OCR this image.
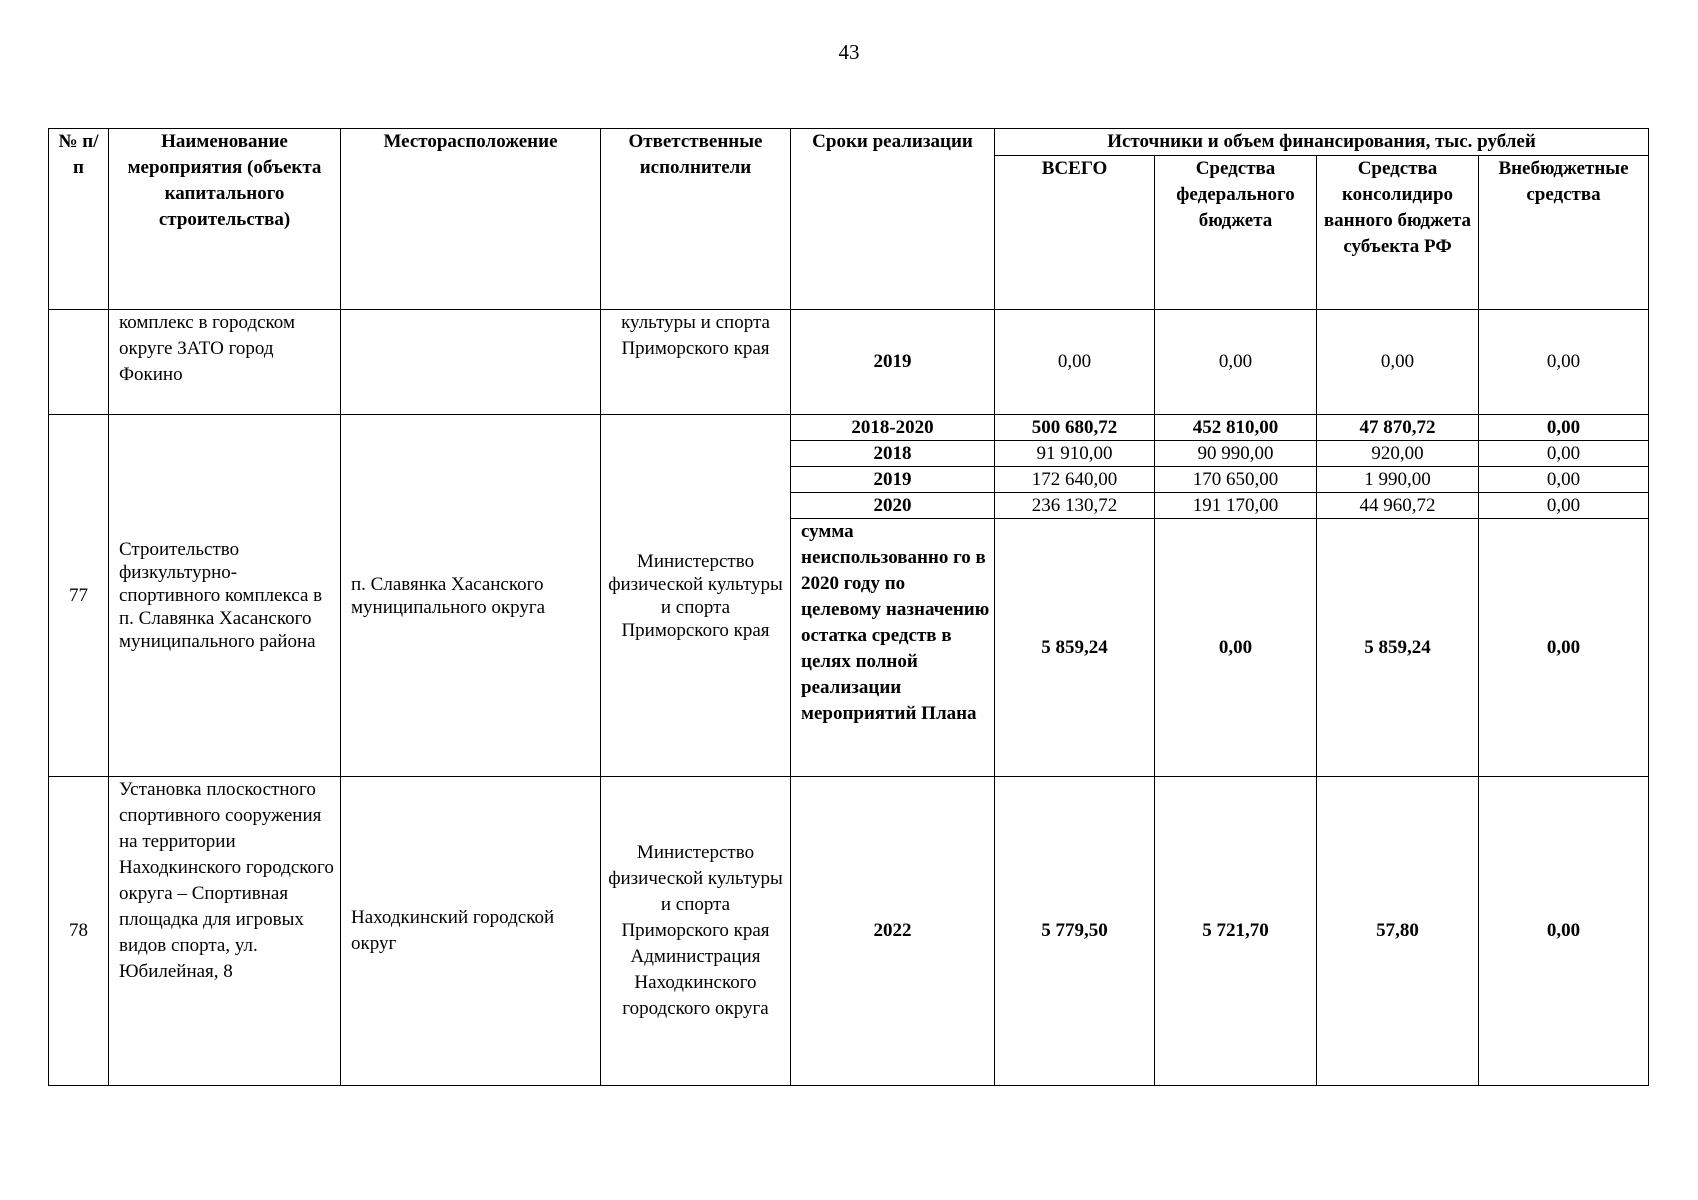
43
№ п/п	Наименование мероприятия (объекта капитального строительства)	Месторасположение	Ответственные исполнители	Сроки реализации	Источники и объем финансирования, тыс. рублей			
					ВСЕГО	Средства федерального бюджета	Средства консолидиро ванного бюджета субъекта РФ	Внебюджетные средства
	комплекс в городском округе ЗАТО город Фокино		культуры и спорта Приморского края	2019	0,00	0,00	0,00	0,00
77	Строительство физкультурно-спортивного комплекса в п. Славянка Хасанского муниципального района	п. Славянка Хасанского муниципального округа	Министерство физической культуры и спорта Приморского края	2018-2020	500 680,72	452 810,00	47 870,72	0,00
				2018	91 910,00	90 990,00	920,00	0,00
				2019	172 640,00	170 650,00	1 990,00	0,00
				2020	236 130,72	191 170,00	44 960,72	0,00
				сумма неиспользованно го в 2020 году по целевому назначению остатка средств в целях полной реализации мероприятий Плана	5 859,24	0,00	5 859,24	0,00
78	Установка плоскостного спортивного сооружения на территории Находкинского городского округа – Спортивная площадка для игровых видов спорта, ул. Юбилейная, 8	Находкинский городской округ	Министерство физической культуры и спорта Приморского края Администрация Находкинского городского округа	2022	5 779,50	5 721,70	57,80	0,00
